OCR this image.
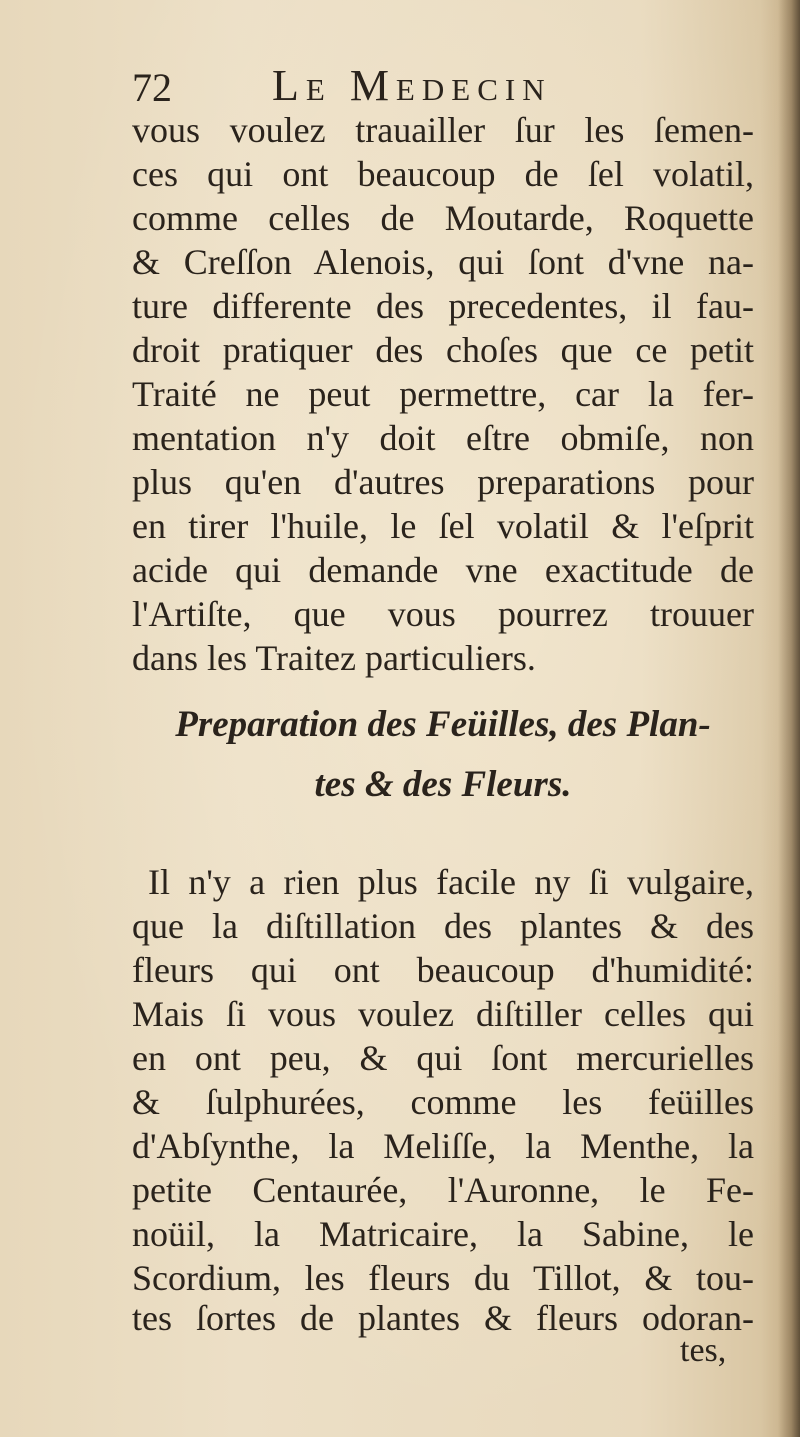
72 Le Medecin
vous voulez trauailler ſur les ſemen-
ces qui ont beaucoup de ſel volatil,
comme celles de Moutarde, Roquette
& Creſſon Alenois, qui ſont d'vne na-
ture differente des precedentes, il fau-
droit pratiquer des choſes que ce petit
Traité ne peut permettre, car la fer-
mentation n'y doit eſtre obmiſe, non
plus qu'en d'autres preparations pour
en tirer l'huile, le ſel volatil & l'eſprit
acide qui demande vne exactitude de
l'Artiſte, que vous pourrez trouuer
dans les Traitez particuliers.
Preparation des Feüilles, des Plan-
tes & des Fleurs.
Il n'y a rien plus facile ny ſi vulgaire,
que la diſtillation des plantes & des
fleurs qui ont beaucoup d'humidité:
Mais ſi vous voulez diſtiller celles qui
en ont peu, & qui ſont mercurielles
& ſulphurées, comme les feüilles
d'Abſynthe, la Meliſſe, la Menthe, la
petite Centaurée, l'Auronne, le Fe-
noüil, la Matricaire, la Sabine, le
Scordium, les fleurs du Tillot, & tou-
tes ſortes de plantes & fleurs odoran-
tes,
